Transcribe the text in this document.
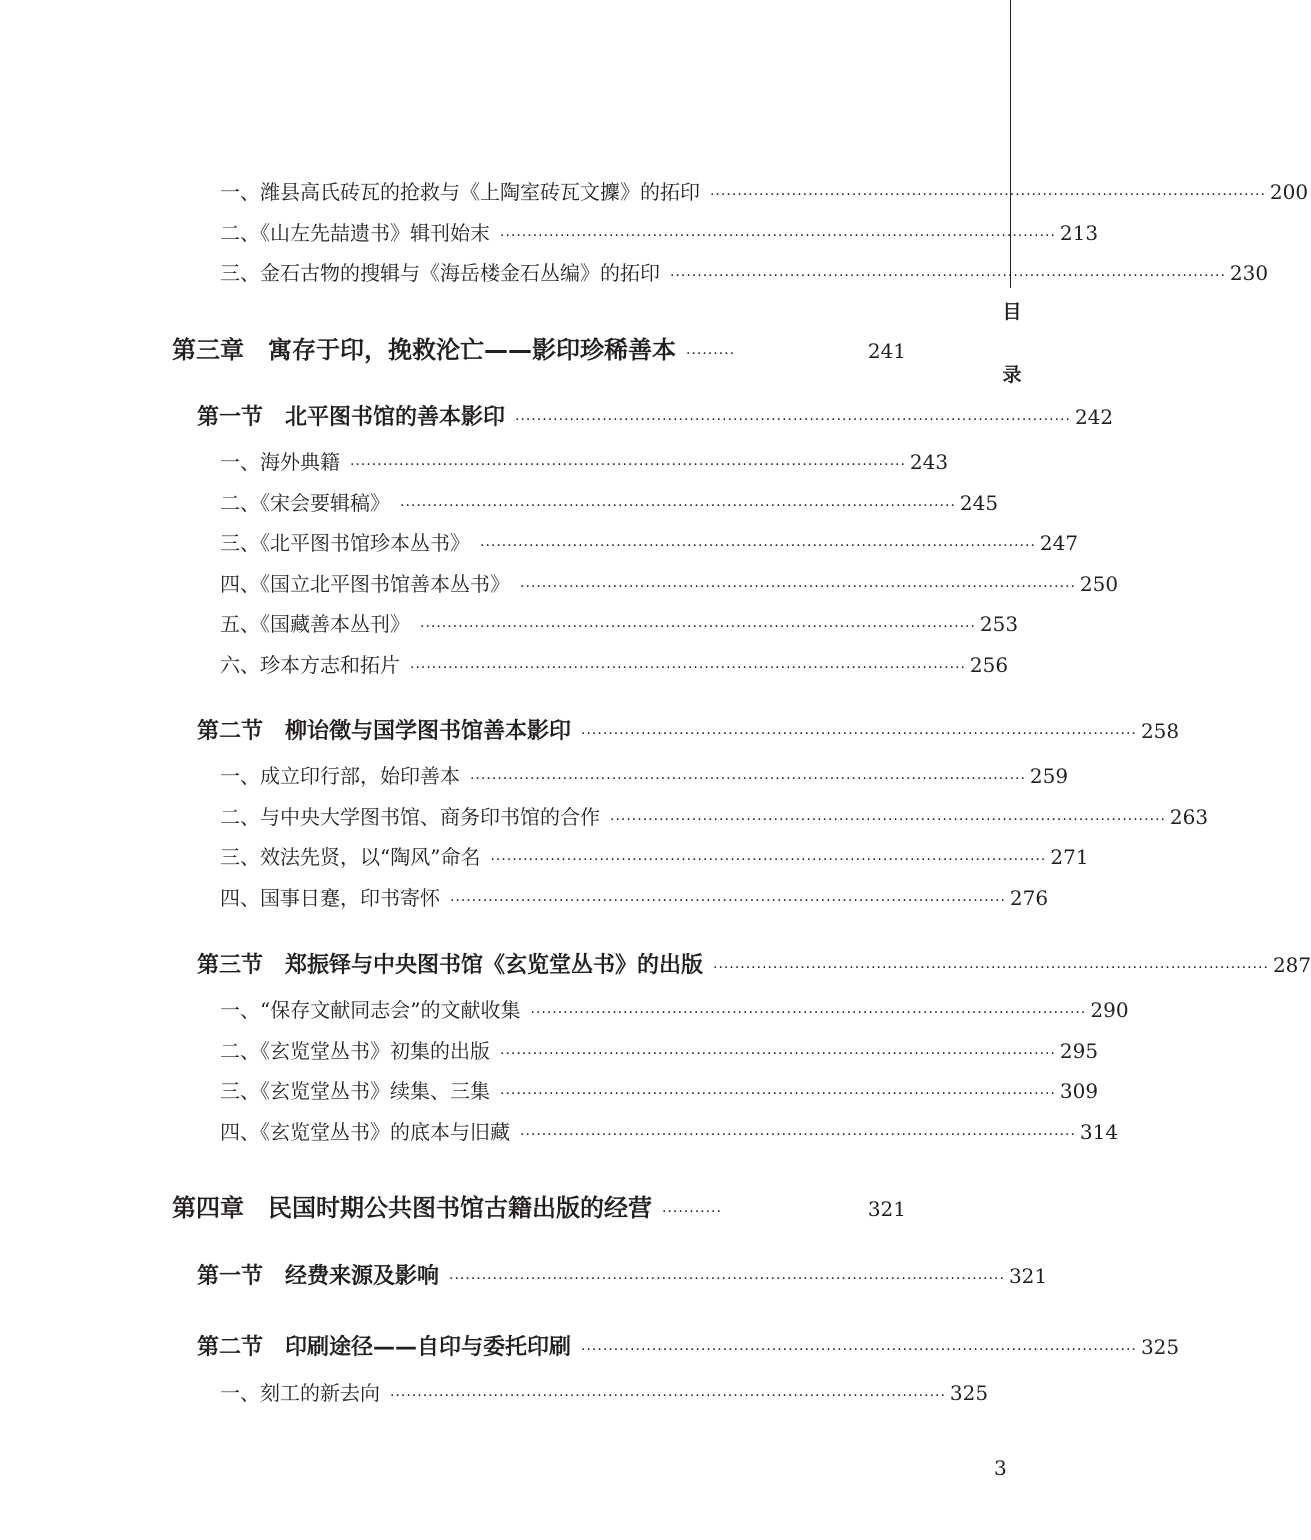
目
录
一、潍县高氏砖瓦的抢救与《上陶室砖瓦文攈》的拓印 ······································································································ 200
二、《山左先喆遗书》辑刊始末 ······································································································ 213
三、金石古物的搜辑与《海岳楼金石丛编》的拓印 ······································································································ 230
第三章　寓存于印，挽救沦亡——影印珍稀善本 ·········	241
第一节　北平图书馆的善本影印 ······································································································ 242
一、海外典籍 ······································································································ 243
二、《宋会要辑稿》 ······································································································ 245
三、《北平图书馆珍本丛书》 ······································································································ 247
四、《国立北平图书馆善本丛书》 ······································································································ 250
五、《国藏善本丛刊》 ······································································································ 253
六、珍本方志和拓片 ······································································································ 256
第二节　柳诒徵与国学图书馆善本影印 ······································································································ 258
一、成立印行部，始印善本 ······································································································ 259
二、与中央大学图书馆、商务印书馆的合作 ······································································································ 263
三、效法先贤，以“陶风”命名 ······································································································ 271
四、国事日蹇，印书寄怀 ······································································································ 276
第三节　郑振铎与中央图书馆《玄览堂丛书》的出版 ······································································································ 287
一、“保存文献同志会”的文献收集 ······································································································ 290
二、《玄览堂丛书》初集的出版 ······································································································ 295
三、《玄览堂丛书》续集、三集 ······································································································ 309
四、《玄览堂丛书》的底本与旧藏 ······································································································ 314
第四章　民国时期公共图书馆古籍出版的经营 ···········	321
第一节　经费来源及影响 ······································································································ 321
第二节　印刷途径——自印与委托印刷 ······································································································ 325
一、刻工的新去向 ······································································································ 325
3
